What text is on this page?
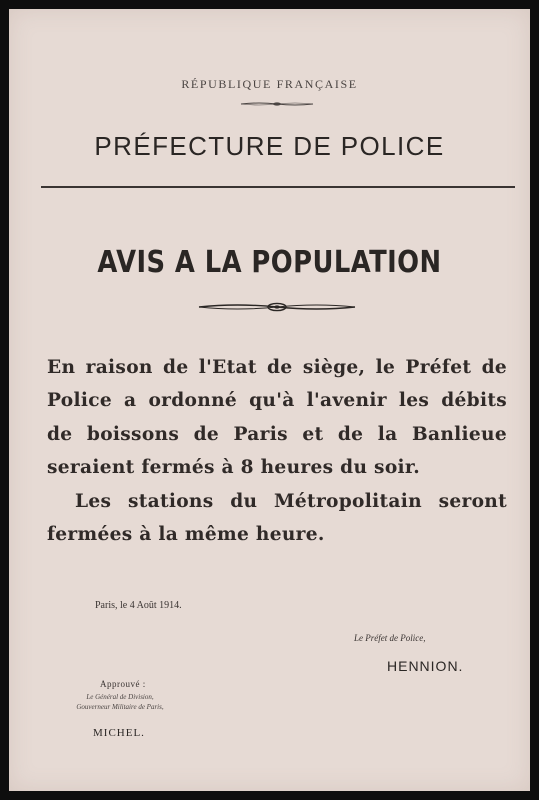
RÉPUBLIQUE FRANÇAISE
PRÉFECTURE DE POLICE
AVIS A LA POPULATION

En raison de l'Etat de siège, le Préfet de Police a ordonné qu'à l'avenir les débits de boissons de Paris et de la Banlieue seraient fermés à 8 heures du soir.

Les stations du Métropolitain seront fermées à la même heure.

Paris, le 4 Août 1914.
Le Préfet de Police,
HENNION.
Approuvé :
Le Général de Division,
Gouverneur Militaire de Paris,
MICHEL.
